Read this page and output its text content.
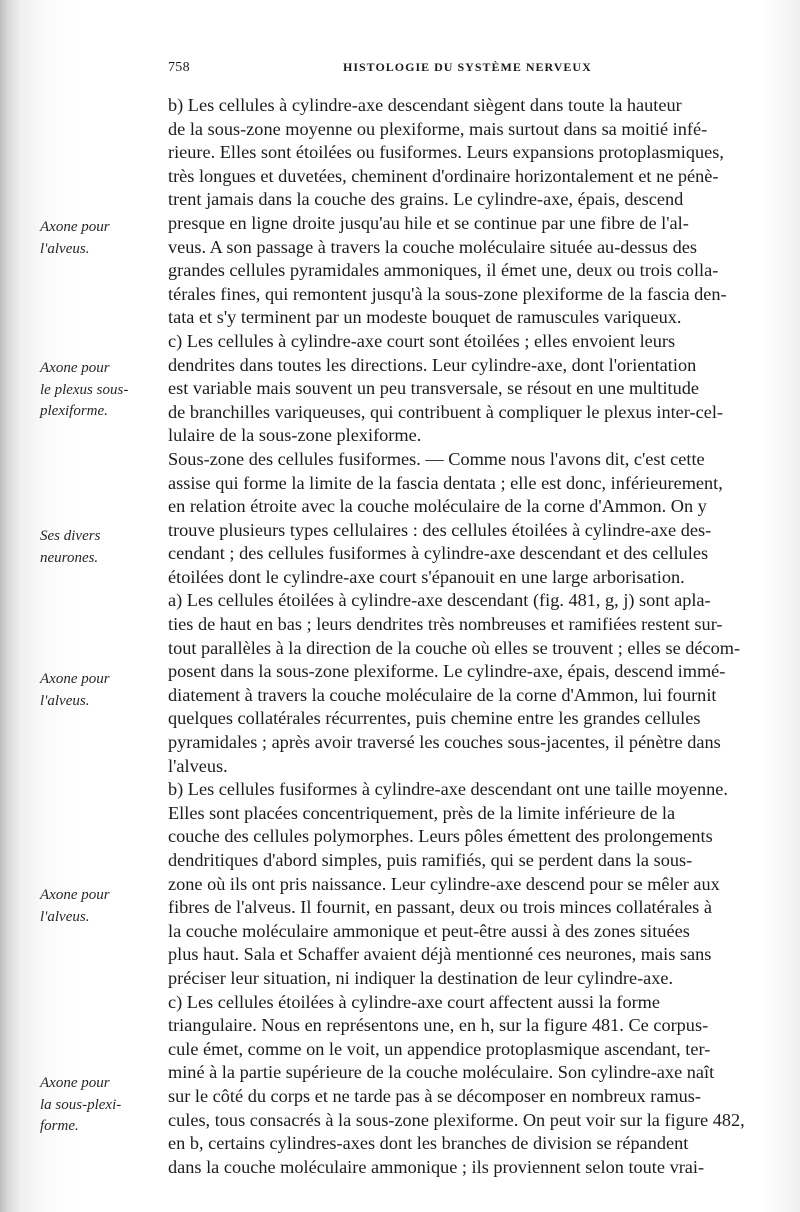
758	HISTOLOGIE DU SYSTÈME NERVEUX
Axone pour
l'alveus.
Axone pour
le plexus sous-
plexiforme.
Ses divers
neurones.
Axone pour
l'alveus.
Axone pour
l'alveus.
Axone pour
la sous-plexi-
forme.
b) Les cellules à cylindre-axe descendant siègent dans toute la hauteur
de la sous-zone moyenne ou plexiforme, mais surtout dans sa moitié infé-
rieure. Elles sont étoilées ou fusiformes. Leurs expansions protoplasmiques,
très longues et duvetées, cheminent d'ordinaire horizontalement et ne pénè-
trent jamais dans la couche des grains. Le cylindre-axe, épais, descend
presque en ligne droite jusqu'au hile et se continue par une fibre de l'al-
veus. A son passage à travers la couche moléculaire située au-dessus des
grandes cellules pyramidales ammoniques, il émet une, deux ou trois colla-
térales fines, qui remontent jusqu'à la sous-zone plexiforme de la fascia den-
tata et s'y terminent par un modeste bouquet de ramuscules variqueux.
c) Les cellules à cylindre-axe court sont étoilées ; elles envoient leurs
dendrites dans toutes les directions. Leur cylindre-axe, dont l'orientation
est variable mais souvent un peu transversale, se résout en une multitude
de branchilles variqueuses, qui contribuent à compliquer le plexus inter-cel-
lulaire de la sous-zone plexiforme.
Sous-zone des cellules fusiformes. — Comme nous l'avons dit, c'est cette
assise qui forme la limite de la fascia dentata ; elle est donc, inférieurement,
en relation étroite avec la couche moléculaire de la corne d'Ammon. On y
trouve plusieurs types cellulaires : des cellules étoilées à cylindre-axe des-
cendant ; des cellules fusiformes à cylindre-axe descendant et des cellules
étoilées dont le cylindre-axe court s'épanouit en une large arborisation.
a) Les cellules étoilées à cylindre-axe descendant (fig. 481, g, j) sont apla-
ties de haut en bas ; leurs dendrites très nombreuses et ramifiées restent sur-
tout parallèles à la direction de la couche où elles se trouvent ; elles se décom-
posent dans la sous-zone plexiforme. Le cylindre-axe, épais, descend immé-
diatement à travers la couche moléculaire de la corne d'Ammon, lui fournit
quelques collatérales récurrentes, puis chemine entre les grandes cellules
pyramidales ; après avoir traversé les couches sous-jacentes, il pénètre dans
l'alveus.
b) Les cellules fusiformes à cylindre-axe descendant ont une taille moyenne.
Elles sont placées concentriquement, près de la limite inférieure de la
couche des cellules polymorphes. Leurs pôles émettent des prolongements
dendritiques d'abord simples, puis ramifiés, qui se perdent dans la sous-
zone où ils ont pris naissance. Leur cylindre-axe descend pour se mêler aux
fibres de l'alveus. Il fournit, en passant, deux ou trois minces collatérales à
la couche moléculaire ammonique et peut-être aussi à des zones situées
plus haut. Sala et Schaffer avaient déjà mentionné ces neurones, mais sans
préciser leur situation, ni indiquer la destination de leur cylindre-axe.
c) Les cellules étoilées à cylindre-axe court affectent aussi la forme
triangulaire. Nous en représentons une, en h, sur la figure 481. Ce corpus-
cule émet, comme on le voit, un appendice protoplasmique ascendant, ter-
miné à la partie supérieure de la couche moléculaire. Son cylindre-axe naît
sur le côté du corps et ne tarde pas à se décomposer en nombreux ramus-
cules, tous consacrés à la sous-zone plexiforme. On peut voir sur la figure 482,
en b, certains cylindres-axes dont les branches de division se répandent
dans la couche moléculaire ammonique ; ils proviennent selon toute vrai-
